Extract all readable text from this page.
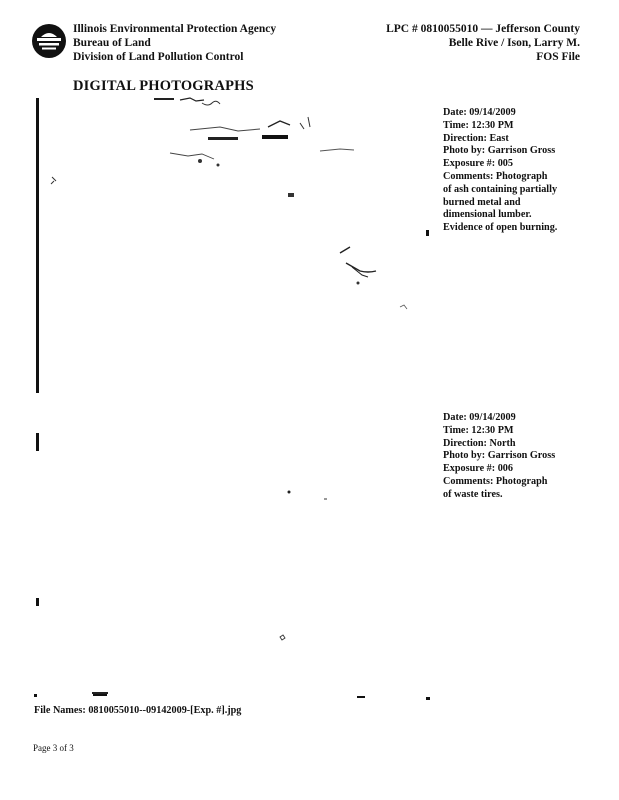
Illinois Environmental Protection Agency
Bureau of Land
Division of Land Pollution Control
LPC # 0810055010 — Jefferson County
Belle Rive / Ison, Larry M.
FOS File
DIGITAL PHOTOGRAPHS
Date: 09/14/2009
Time: 12:30 PM
Direction: East
Photo by: Garrison Gross
Exposure #: 005
Comments: Photograph
of ash containing partially
burned metal and
dimensional lumber.
Evidence of open burning.
Date: 09/14/2009
Time: 12:30 PM
Direction: North
Photo by: Garrison Gross
Exposure #: 006
Comments: Photograph
of waste tires.
File Names: 0810055010--09142009-[Exp. #].jpg
Page 3 of 3
